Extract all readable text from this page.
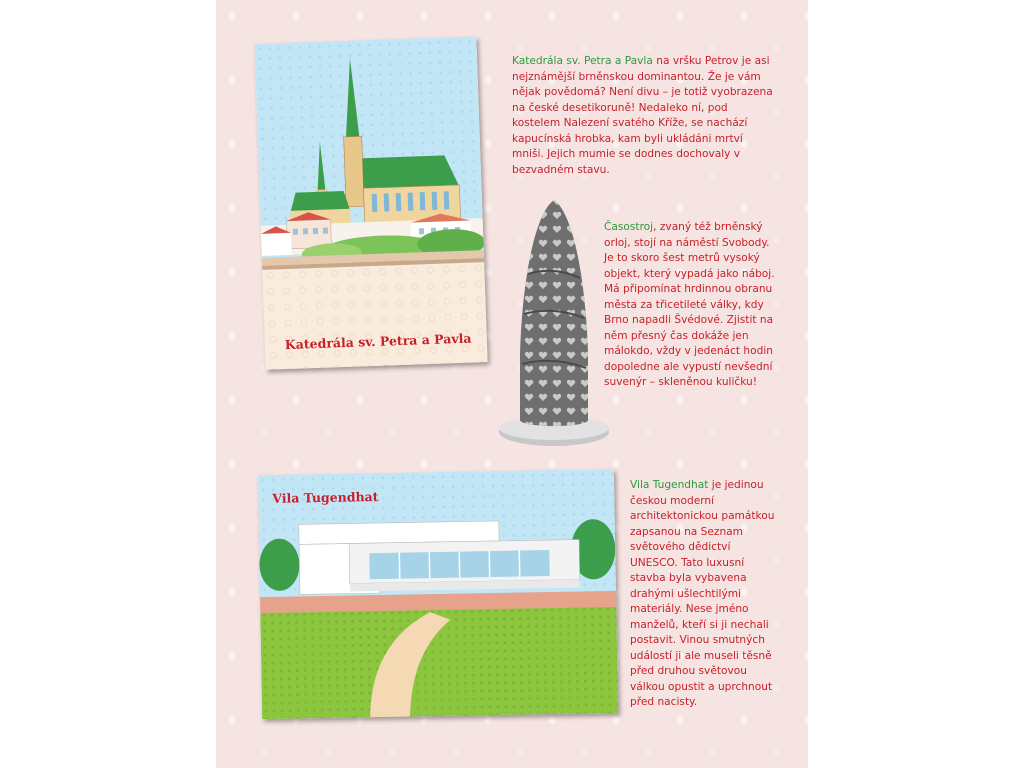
Katedrála sv. Petra a Pavla

Katedrála sv. Petra a Pavla na vršku Petrov je asi nejznámější brněnskou dominantou. Že je vám nějak povědomá? Není divu – je totiž vyobrazena na české desetikoruně! Nedaleko ní, pod kostelem Nalezení svatého Kříže, se nachází kapucínská hrobka, kam byli ukládáni mrtví mniši. Jejich mumie se dodnes dochovaly v bezvadném stavu.

Časostroj, zvaný též brněnský orloj, stojí na náměstí Svobody. Je to skoro šest metrů vysoký objekt, který vypadá jako náboj. Má připomínat hrdinnou obranu města za třicetileté války, kdy Brno napadli Švédové. Zjistit na něm přesný čas dokáže jen málokdo, vždy v jedenáct hodin dopoledne ale vypustí nevšední suvenýr – skleněnou kuličku!

Vila Tugendhat

Vila Tugendhat je jedinou českou moderní architektonickou památkou zapsanou na Seznam světového dědictví UNESCO. Tato luxusní stavba byla vybavena drahými ušlechtilými materiály. Nese jméno manželů, kteří si ji nechali postavit. Vinou smutných událostí ji ale museli těsně před druhou světovou válkou opustit a uprchnout před nacisty.
